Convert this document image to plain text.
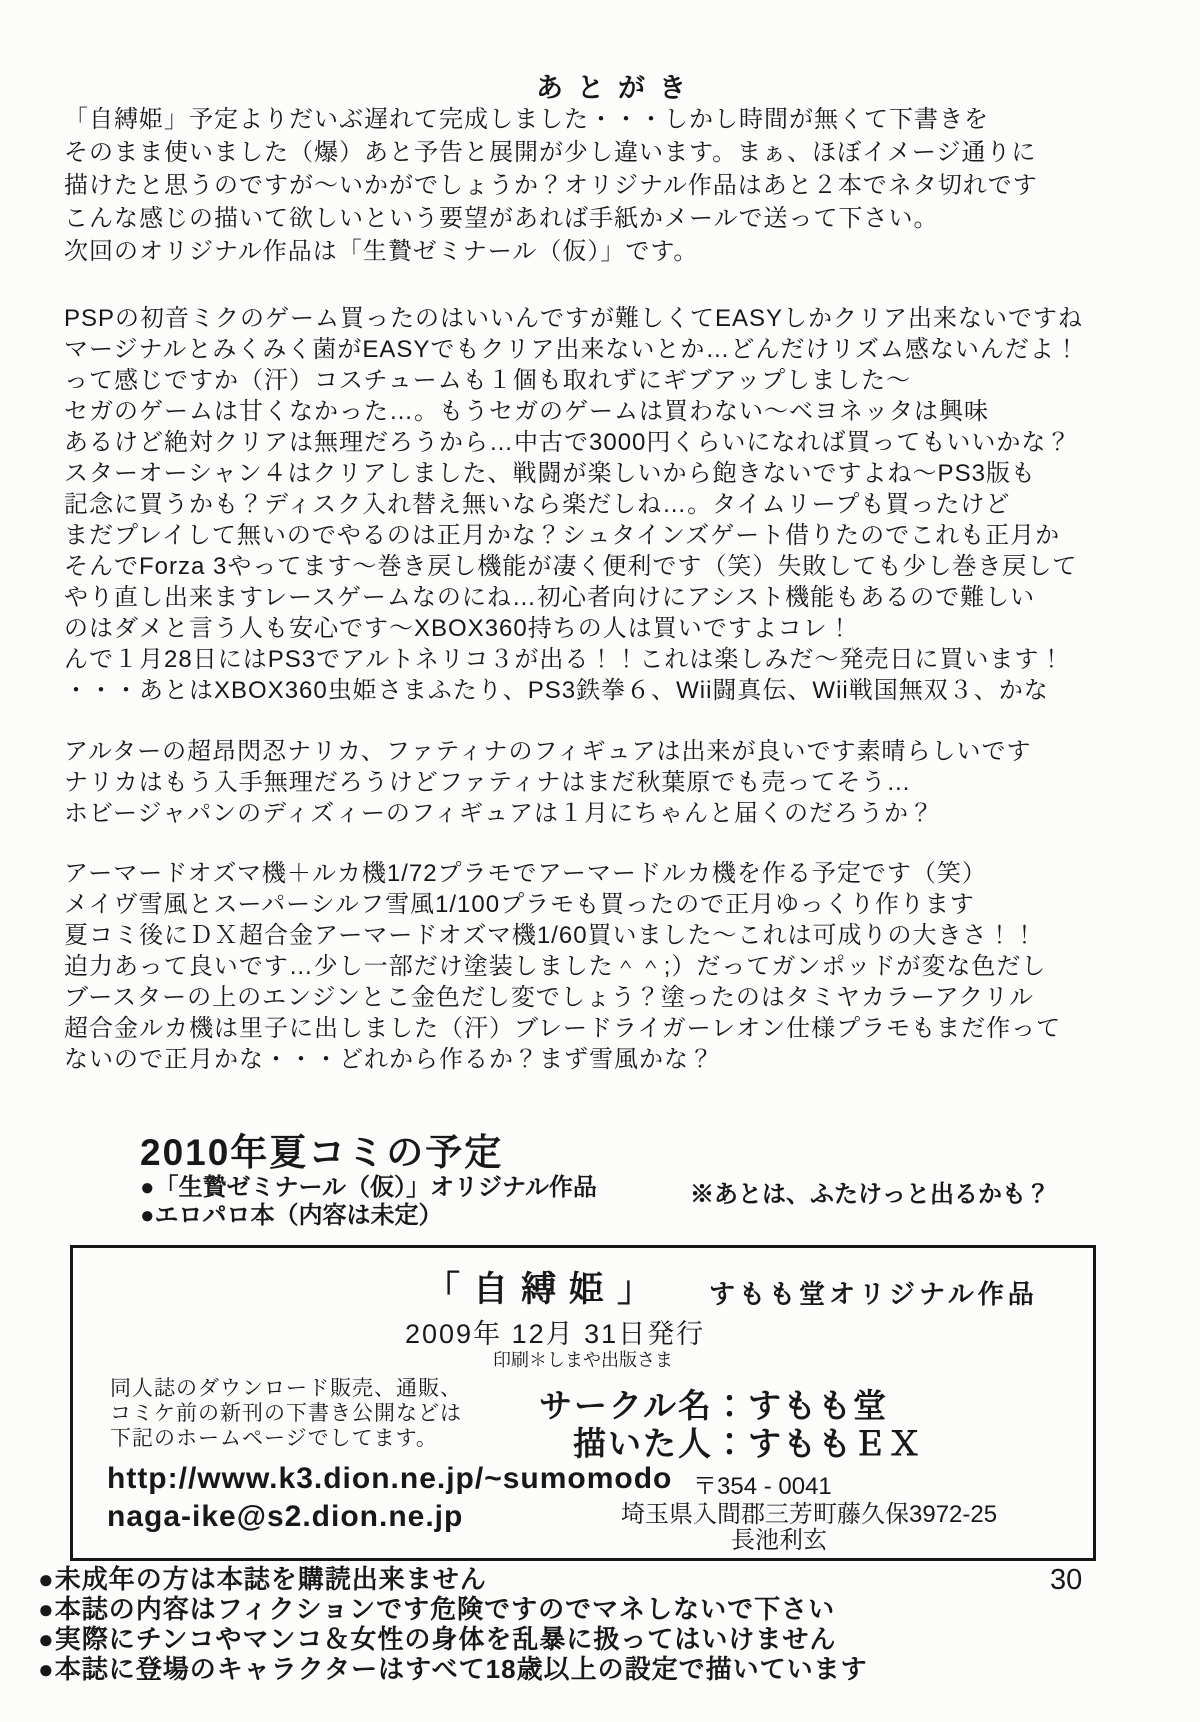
あとがき
「自縛姫」予定よりだいぶ遅れて完成しました・・・しかし時間が無くて下書きを
そのまま使いました（爆）あと予告と展開が少し違います。まぁ、ほぼイメージ通りに
描けたと思うのですが〜いかがでしょうか？オリジナル作品はあと２本でネタ切れです
こんな感じの描いて欲しいという要望があれば手紙かメールで送って下さい。
次回のオリジナル作品は「生贄ゼミナール（仮）」です。
PSPの初音ミクのゲーム買ったのはいいんですが難しくてEASYしかクリア出来ないですね
マージナルとみくみく菌がEASYでもクリア出来ないとか…どんだけリズム感ないんだよ！
って感じですか（汗）コスチュームも１個も取れずにギブアップしました〜
セガのゲームは甘くなかった…。もうセガのゲームは買わない〜ベヨネッタは興味
あるけど絶対クリアは無理だろうから…中古で3000円くらいになれば買ってもいいかな？
スターオーシャン４はクリアしました、戦闘が楽しいから飽きないですよね〜PS3版も
記念に買うかも？ディスク入れ替え無いなら楽だしね…。タイムリープも買ったけど
まだプレイして無いのでやるのは正月かな？シュタインズゲート借りたのでこれも正月か
そんでForza 3やってます〜巻き戻し機能が凄く便利です（笑）失敗しても少し巻き戻して
やり直し出来ますレースゲームなのにね…初心者向けにアシスト機能もあるので難しい
のはダメと言う人も安心です〜XBOX360持ちの人は買いですよコレ！
んで１月28日にはPS3でアルトネリコ３が出る！！これは楽しみだ〜発売日に買います！
・・・あとはXBOX360虫姫さまふたり、PS3鉄拳６、Wii闘真伝、Wii戦国無双３、かな
アルターの超昂閃忍ナリカ、ファティナのフィギュアは出来が良いです素晴らしいです
ナリカはもう入手無理だろうけどファティナはまだ秋葉原でも売ってそう…
ホビージャパンのディズィーのフィギュアは１月にちゃんと届くのだろうか？
アーマードオズマ機＋ルカ機1/72プラモでアーマードルカ機を作る予定です（笑）
メイヴ雪風とスーパーシルフ雪風1/100プラモも買ったので正月ゆっくり作ります
夏コミ後にＤＸ超合金アーマードオズマ機1/60買いました〜これは可成りの大きさ！！
迫力あって良いです…少し一部だけ塗装しました＾＾;）だってガンポッドが変な色だし
ブースターの上のエンジンとこ金色だし変でしょう？塗ったのはタミヤカラーアクリル
超合金ルカ機は里子に出しました（汗）ブレードライガーレオン仕様プラモもまだ作って
ないので正月かな・・・どれから作るか？まず雪風かな？
2010年夏コミの予定
●「生贄ゼミナール（仮）」オリジナル作品
●エロパロ本（内容は未定）
※あとは、ふたけっと出るかも？
「自縛姫」 すもも堂オリジナル作品
2009年 12月 31日発行
印刷＊しまや出版さま
同人誌のダウンロード販売、通販、
コミケ前の新刊の下書き公開などは
下記のホームページでしてます。
サークル名：すもも堂
描いた人：すももＥＸ
http://www.k3.dion.ne.jp/~sumomodo
naga-ike@s2.dion.ne.jp
〒354 - 0041
埼玉県入間郡三芳町藤久保3972-25
長池利玄
●未成年の方は本誌を購読出来ません
●本誌の内容はフィクションです危険ですのでマネしないで下さい
●実際にチンコやマンコ＆女性の身体を乱暴に扱ってはいけません
●本誌に登場のキャラクターはすべて18歳以上の設定で描いています
30
